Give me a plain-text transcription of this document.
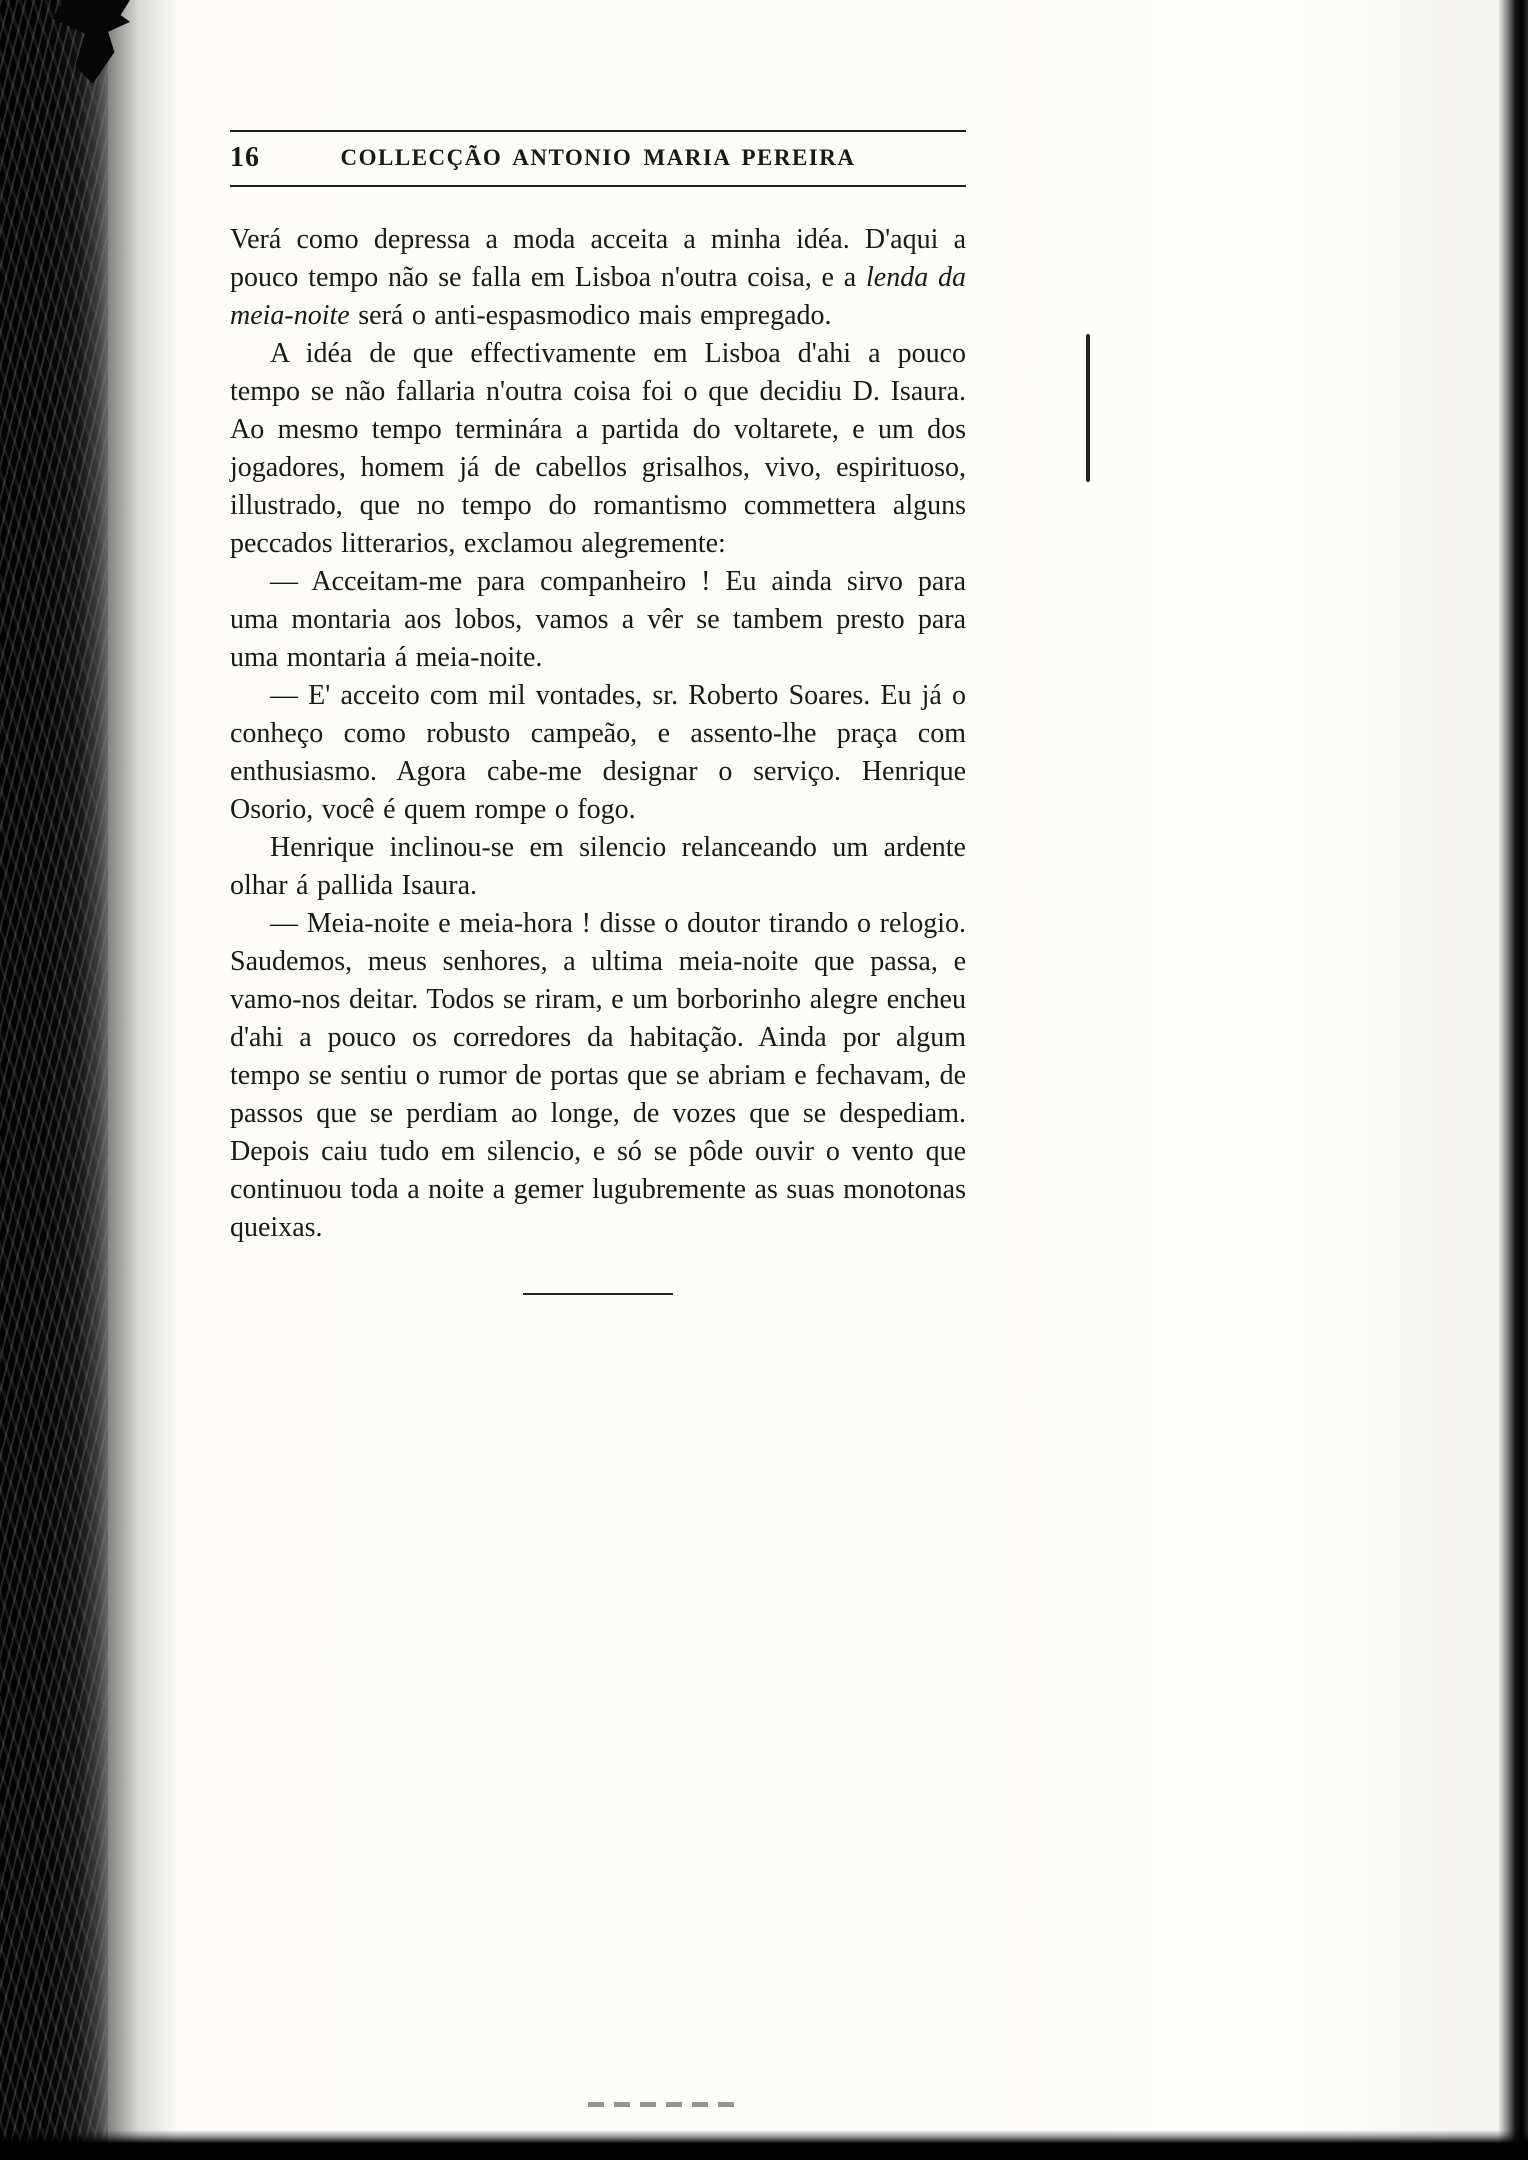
16	COLLECÇÃO ANTONIO MARIA PEREIRA

Verá como depressa a moda acceita a minha idéa. D'aqui a pouco tempo não se falla em Lisboa n'outra coisa, e a lenda da meia-noite será o anti-espasmodico mais empregado.

A idéa de que effectivamente em Lisboa d'ahi a pouco tempo se não fallaria n'outra coisa foi o que decidiu D. Isaura. Ao mesmo tempo terminára a partida do voltarete, e um dos jogadores, homem já de cabellos grisalhos, vivo, espirituoso, illustrado, que no tempo do romantismo commettera alguns peccados litterarios, exclamou alegremente:

— Acceitam-me para companheiro ! Eu ainda sirvo para uma montaria aos lobos, vamos a vêr se tambem presto para uma montaria á meia-noite.

— E' acceito com mil vontades, sr. Roberto Soares. Eu já o conheço como robusto campeão, e assento-lhe praça com enthusiasmo. Agora cabe-me designar o serviço. Henrique Osorio, você é quem rompe o fogo.

Henrique inclinou-se em silencio relanceando um ardente olhar á pallida Isaura.

— Meia-noite e meia-hora ! disse o doutor tirando o relogio. Saudemos, meus senhores, a ultima meia-noite que passa, e vamo-nos deitar. Todos se riram, e um borborinho alegre encheu d'ahi a pouco os corredores da habitação. Ainda por algum tempo se sentiu o rumor de portas que se abriam e fechavam, de passos que se perdiam ao longe, de vozes que se despediam. Depois caiu tudo em silencio, e só se pôde ouvir o vento que continuou toda a noite a gemer lugubremente as suas monotonas queixas.
